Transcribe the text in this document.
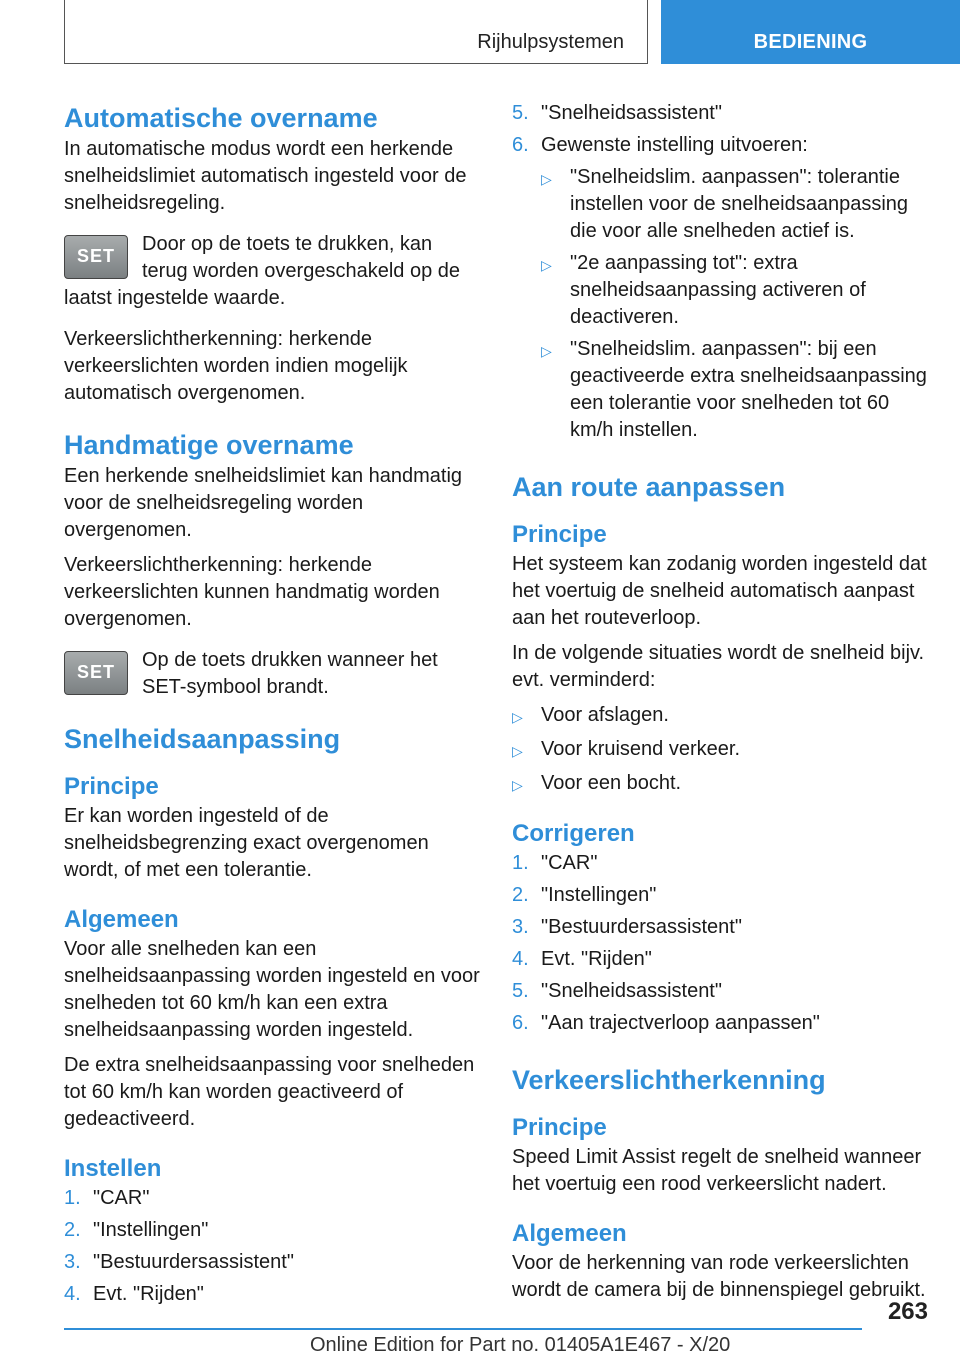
Rijhulpsystemen	BEDIENING
Automatische overname

In automatische modus wordt een herkende snelheidslimiet automatisch ingesteld voor de snelheidsregeling.

SET

Door op de toets te drukken, kan terug worden overgeschakeld op de laatst ingestelde waarde.

Verkeerslichtherkenning: herkende verkeerslichten worden indien mogelijk automatisch overgenomen.

Handmatige overname

Een herkende snelheidslimiet kan handmatig voor de snelheidsregeling worden overgenomen.

Verkeerslichtherkenning: herkende verkeerslichten kunnen handmatig worden overgenomen.

SET

Op de toets drukken wanneer het SET-symbool brandt.

Snelheidsaanpassing
Principe

Er kan worden ingesteld of de snelheidsbegrenzing exact overgenomen wordt, of met een tolerantie.

Algemeen

Voor alle snelheden kan een snelheidsaanpassing worden ingesteld en voor snelheden tot 60 km/h kan een extra snelheidsaanpassing worden ingesteld.

De extra snelheidsaanpassing voor snelheden tot 60 km/h kan worden geactiveerd of gedeactiveerd.

Instellen
1. "CAR"
2. "Instellingen"
3. "Bestuurdersassistent"
4. Evt. "Rijden"
5. "Snelheidsassistent"
6. Gewenste instelling uitvoeren:
▷ "Snelheidslim. aanpassen": tolerantie instellen voor de snelheidsaanpassing die voor alle snelheden actief is.
▷ "2e aanpassing tot": extra snelheidsaanpassing activeren of deactiveren.
▷ "Snelheidslim. aanpassen": bij een geactiveerde extra snelheidsaanpassing een tolerantie voor snelheden tot 60 km/h instellen.
Aan route aanpassen
Principe

Het systeem kan zodanig worden ingesteld dat het voertuig de snelheid automatisch aanpast aan het routeverloop.

In de volgende situaties wordt de snelheid bijv. evt. verminderd:

▷ Voor afslagen.
▷ Voor kruisend verkeer.
▷ Voor een bocht.
Corrigeren
1. "CAR"
2. "Instellingen"
3. "Bestuurdersassistent"
4. Evt. "Rijden"
5. "Snelheidsassistent"
6. "Aan trajectverloop aanpassen"
Verkeerslichtherkenning
Principe

Speed Limit Assist regelt de snelheid wanneer het voertuig een rood verkeerslicht nadert.

Algemeen

Voor de herkenning van rode verkeerslichten wordt de camera bij de binnenspiegel gebruikt.

263
Online Edition for Part no. 01405A1E467 - X/20
